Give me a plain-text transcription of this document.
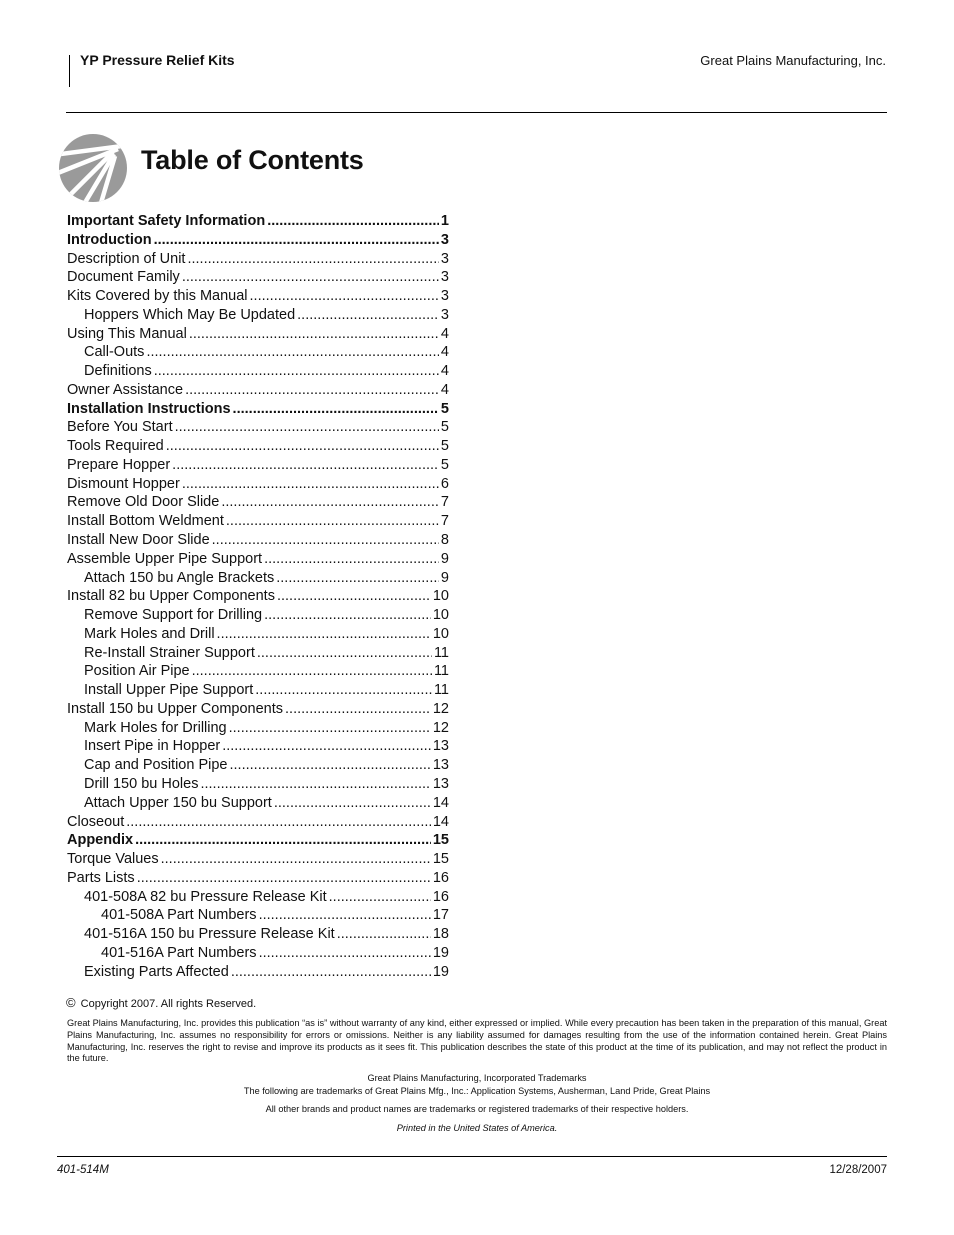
YP Pressure Relief Kits	Great Plains Manufacturing, Inc.
Table of Contents
Important Safety Information .....	1
Introduction .....	3
Description of Unit .....	3
Document Family .....	3
Kits Covered by this Manual .....	3
Hoppers Which May Be Updated .....	3
Using This Manual .....	4
Call-Outs .....	4
Definitions .....	4
Owner Assistance .....	4
Installation Instructions .....	5
Before You Start .....	5
Tools Required .....	5
Prepare Hopper .....	5
Dismount Hopper .....	6
Remove Old Door Slide .....	7
Install Bottom Weldment .....	7
Install New Door Slide .....	8
Assemble Upper Pipe Support .....	9
Attach 150 bu Angle Brackets .....	9
Install 82 bu Upper Components .....	10
Remove Support for Drilling .....	10
Mark Holes and Drill .....	10
Re-Install Strainer Support .....	11
Position Air Pipe .....	11
Install Upper Pipe Support .....	11
Install 150 bu Upper Components .....	12
Mark Holes for Drilling .....	12
Insert Pipe in Hopper .....	13
Cap and Position Pipe .....	13
Drill 150 bu Holes .....	13
Attach Upper 150 bu Support .....	14
Closeout .....	14
Appendix .....	15
Torque Values .....	15
Parts Lists .....	16
401-508A 82 bu Pressure Release Kit .....	16
401-508A Part Numbers .....	17
401-516A 150 bu Pressure Release Kit .....	18
401-516A Part Numbers .....	19
Existing Parts Affected .....	19
© Copyright 2007. All rights Reserved.
Great Plains Manufacturing, Inc. provides this publication “as is” without warranty of any kind, either expressed or implied. While every precaution has been taken in the preparation of this manual, Great Plains Manufacturing, Inc. assumes no responsibility for errors or omissions. Neither is any liability assumed for damages resulting from the use of the information contained herein. Great Plains Manufacturing, Inc. reserves the right to revise and improve its products as it sees fit. This publication describes the state of this product at the time of its publication, and may not reflect the product in the future.
Great Plains Manufacturing, Incorporated Trademarks
The following are trademarks of Great Plains Mfg., Inc.: Application Systems, Ausherman, Land Pride, Great Plains
All other brands and product names are trademarks or registered trademarks of their respective holders.
Printed in the United States of America.
401-514M	12/28/2007
